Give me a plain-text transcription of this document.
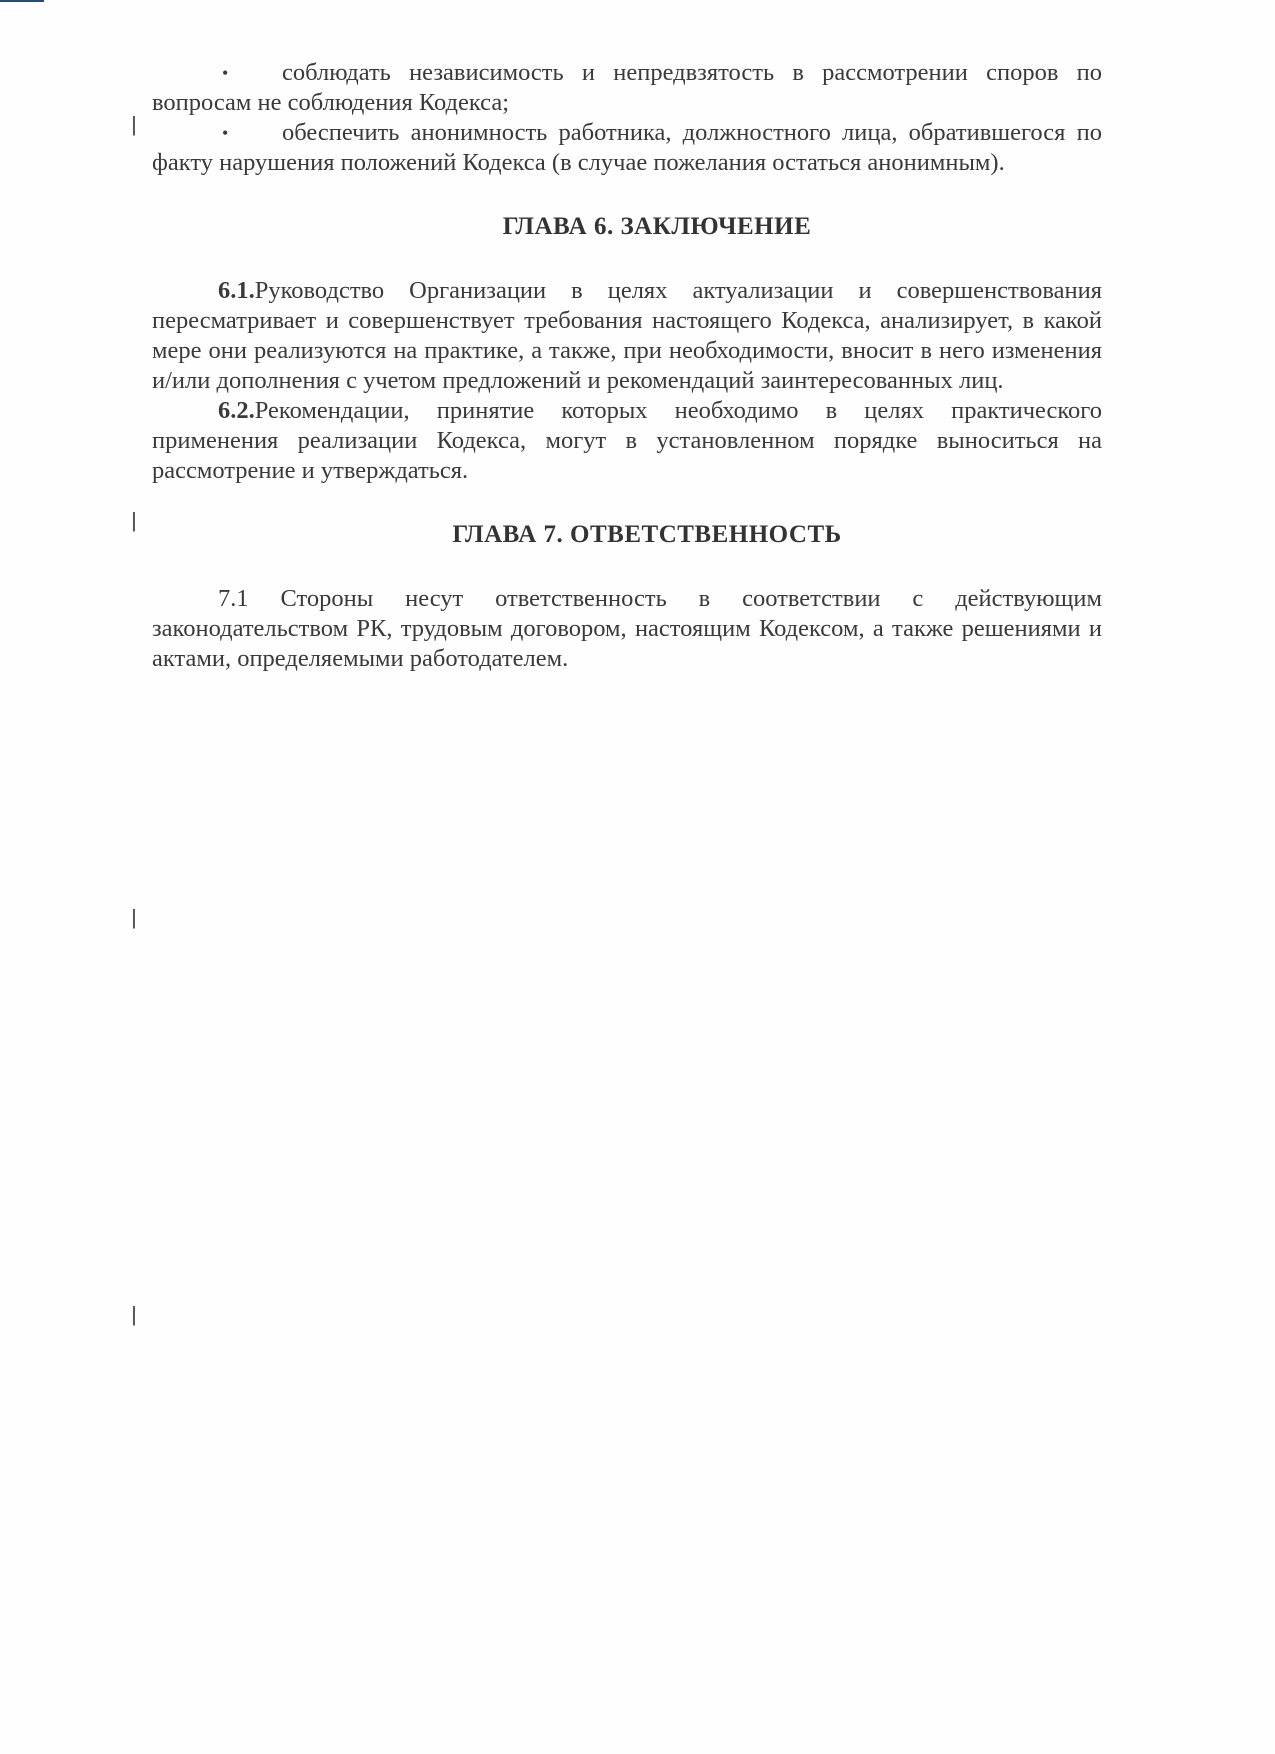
ǀ
ǀ
ǀ
ǀ
• соблюдать независимость и непредвзятость в рассмотрении споров по вопросам не соблюдения Кодекса;
• обеспечить анонимность работника, должностного лица, обратившегося по факту нарушения положений Кодекса (в случае пожелания остаться анонимным).
ГЛАВА 6. ЗАКЛЮЧЕНИЕ
6.1.Руководство Организации в целях актуализации и совершенствования пересматривает и совершенствует требования настоящего Кодекса, анализирует, в какой мере они реализуются на практике, а также, при необходимости, вносит в него изменения и/или дополнения с учетом предложений и рекомендаций заинтересованных лиц.
6.2.Рекомендации, принятие которых необходимо в целях практического применения реализации Кодекса, могут в установленном порядке выноситься на рассмотрение и утверждаться.
ГЛАВА 7. ОТВЕТСТВЕННОСТЬ
7.1 Стороны несут ответственность в соответствии с действующим законодательством РК, трудовым договором, настоящим Кодексом, а также решениями и актами, определяемыми работодателем.
